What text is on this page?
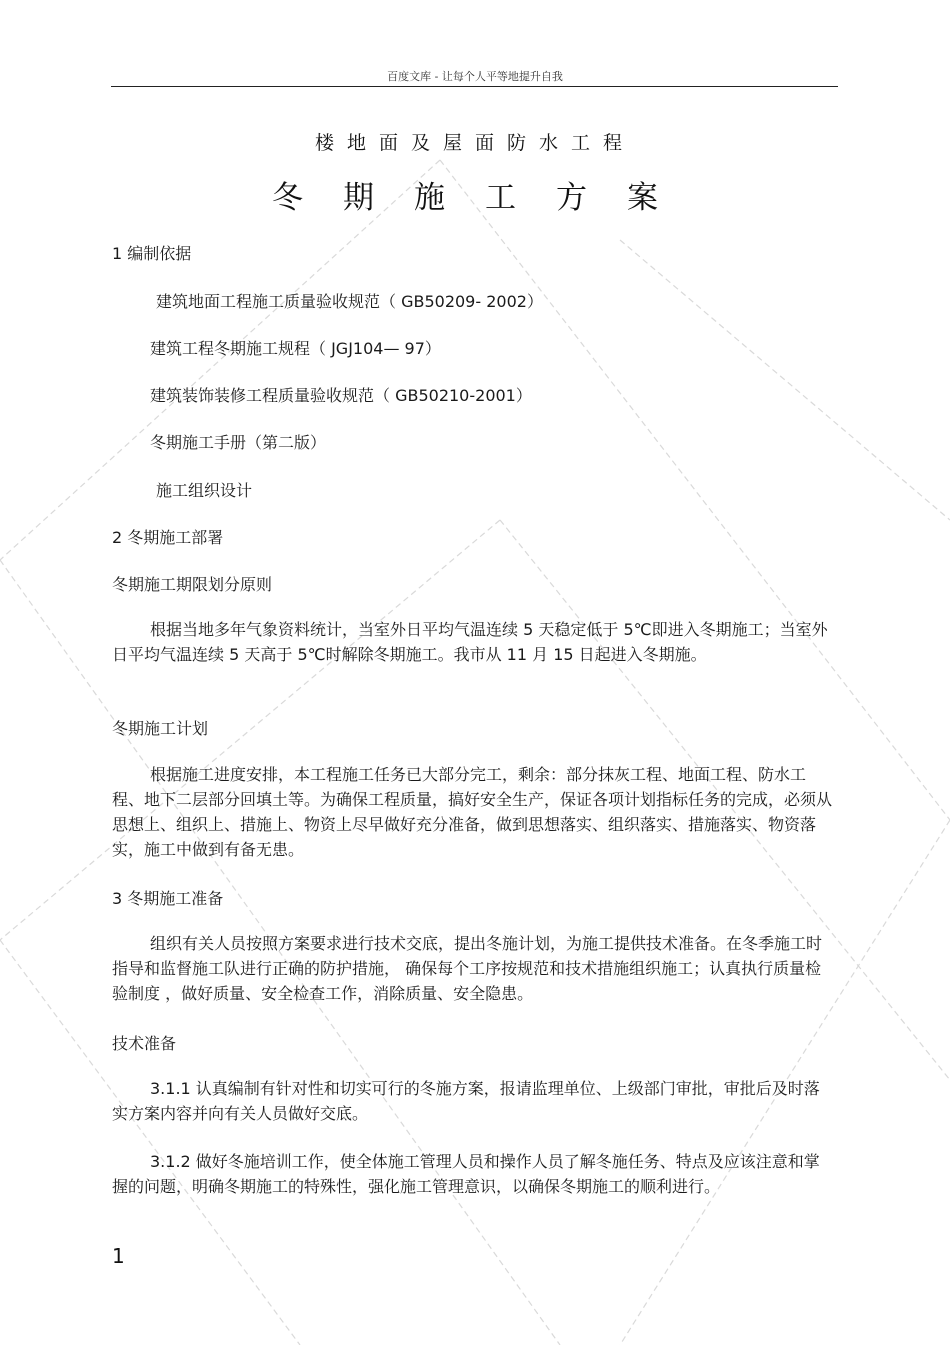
百度文库 - 让每个人平等地提升自我
楼地面及屋面防水工程
冬期施工方案
1 编制依据
建筑地面工程施工质量验收规范（ GB50209- 2002）
建筑工程冬期施工规程（ JGJ104— 97）
建筑装饰装修工程质量验收规范（ GB50210-2001）
冬期施工手册（第二版）
施工组织设计
2 冬期施工部署
冬期施工期限划分原则
根据当地多年气象资料统计，当室外日平均气温连续 5 天稳定低于 5℃即进入冬期施工；当室外日平均气温连续 5 天高于 5℃时解除冬期施工。我市从 11 月 15 日起进入冬期施。
冬期施工计划
根据施工进度安排，本工程施工任务已大部分完工，剩余：部分抹灰工程、地面工程、防水工程、地下二层部分回填土等。为确保工程质量，搞好安全生产，保证各项计划指标任务的完成，必须从思想上、组织上、措施上、物资上尽早做好充分准备，做到思想落实、组织落实、措施落实、物资落实，施工中做到有备无患。
3 冬期施工准备
组织有关人员按照方案要求进行技术交底，提出冬施计划，为施工提供技术准备。在冬季施工时指导和监督施工队进行正确的防护措施， 确保每个工序按规范和技术措施组织施工；认真执行质量检验制度 ，做好质量、安全检查工作，消除质量、安全隐患。
技术准备
3.1.1 认真编制有针对性和切实可行的冬施方案，报请监理单位、上级部门审批，审批后及时落实方案内容并向有关人员做好交底。
3.1.2 做好冬施培训工作，使全体施工管理人员和操作人员了解冬施任务、特点及应该注意和掌握的问题，明确冬期施工的特殊性，强化施工管理意识，以确保冬期施工的顺利进行。
1
